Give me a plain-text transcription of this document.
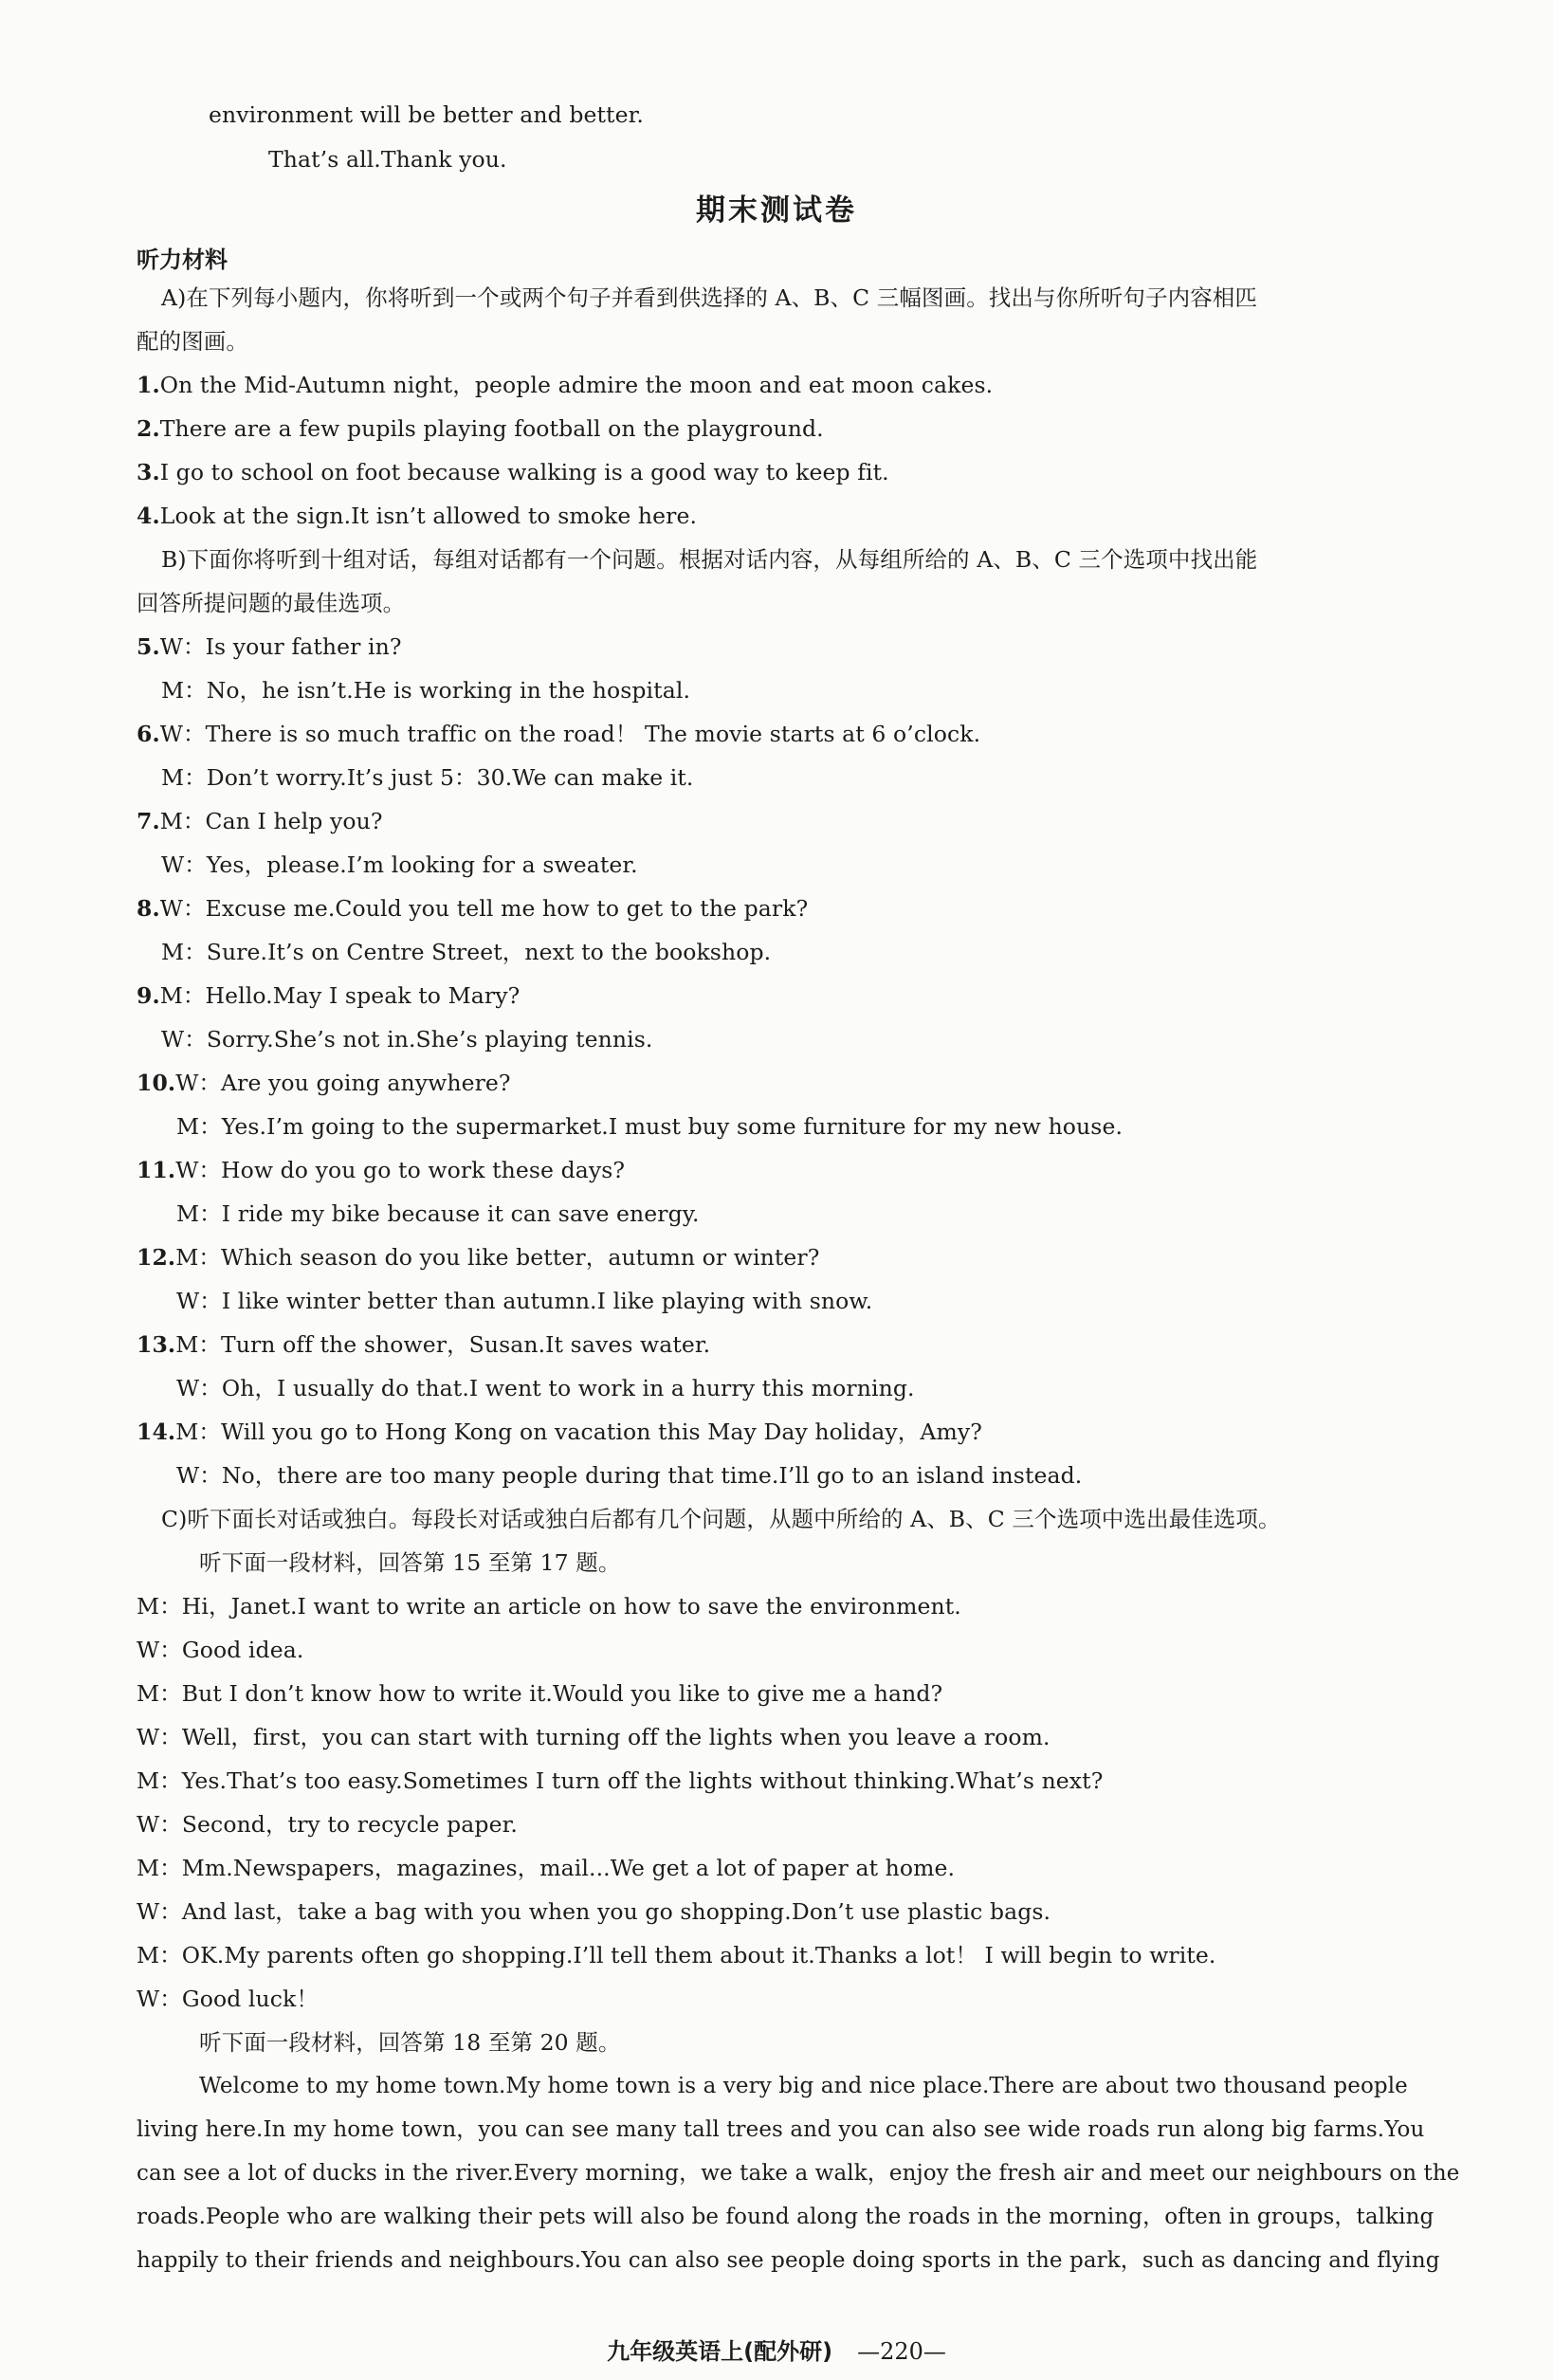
environment will be better and better.
That’s all.Thank you.
期末测试卷
听力材料
A)在下列每小题内，你将听到一个或两个句子并看到供选择的 A、B、C 三幅图画。找出与你所听句子内容相匹
配的图画。
1.On the Mid-Autumn night，people admire the moon and eat moon cakes.
2.There are a few pupils playing football on the playground.
3.I go to school on foot because walking is a good way to keep fit.
4.Look at the sign.It isn’t allowed to smoke here.
B)下面你将听到十组对话，每组对话都有一个问题。根据对话内容，从每组所给的 A、B、C 三个选项中找出能
回答所提问题的最佳选项。
5.W：Is your father in?
M：No，he isn’t.He is working in the hospital.
6.W：There is so much traffic on the road！ The movie starts at 6 o’clock.
M：Don’t worry.It’s just 5：30.We can make it.
7.M：Can I help you?
W：Yes，please.I’m looking for a sweater.
8.W：Excuse me.Could you tell me how to get to the park?
M：Sure.It’s on Centre Street，next to the bookshop.
9.M：Hello.May I speak to Mary?
W：Sorry.She’s not in.She’s playing tennis.
10.W：Are you going anywhere?
M：Yes.I’m going to the supermarket.I must buy some furniture for my new house.
11.W：How do you go to work these days?
M：I ride my bike because it can save energy.
12.M：Which season do you like better，autumn or winter?
W：I like winter better than autumn.I like playing with snow.
13.M：Turn off the shower，Susan.It saves water.
W：Oh，I usually do that.I went to work in a hurry this morning.
14.M：Will you go to Hong Kong on vacation this May Day holiday，Amy?
W：No，there are too many people during that time.I’ll go to an island instead.
C)听下面长对话或独白。每段长对话或独白后都有几个问题，从题中所给的 A、B、C 三个选项中选出最佳选项。
听下面一段材料，回答第 15 至第 17 题。
M：Hi，Janet.I want to write an article on how to save the environment.
W：Good idea.
M：But I don’t know how to write it.Would you like to give me a hand?
W：Well，first，you can start with turning off the lights when you leave a room.
M：Yes.That’s too easy.Sometimes I turn off the lights without thinking.What’s next?
W：Second，try to recycle paper.
M：Mm.Newspapers，magazines，mail...We get a lot of paper at home.
W：And last，take a bag with you when you go shopping.Don’t use plastic bags.
M：OK.My parents often go shopping.I’ll tell them about it.Thanks a lot！ I will begin to write.
W：Good luck！
听下面一段材料，回答第 18 至第 20 题。
Welcome to my home town.My home town is a very big and nice place.There are about two thousand people
living here.In my home town，you can see many tall trees and you can also see wide roads run along big farms.You
can see a lot of ducks in the river.Every morning，we take a walk，enjoy the fresh air and meet our neighbours on the
roads.People who are walking their pets will also be found along the roads in the morning，often in groups，talking
happily to their friends and neighbours.You can also see people doing sports in the park，such as dancing and flying
九年级英语上(配外研) —220—
